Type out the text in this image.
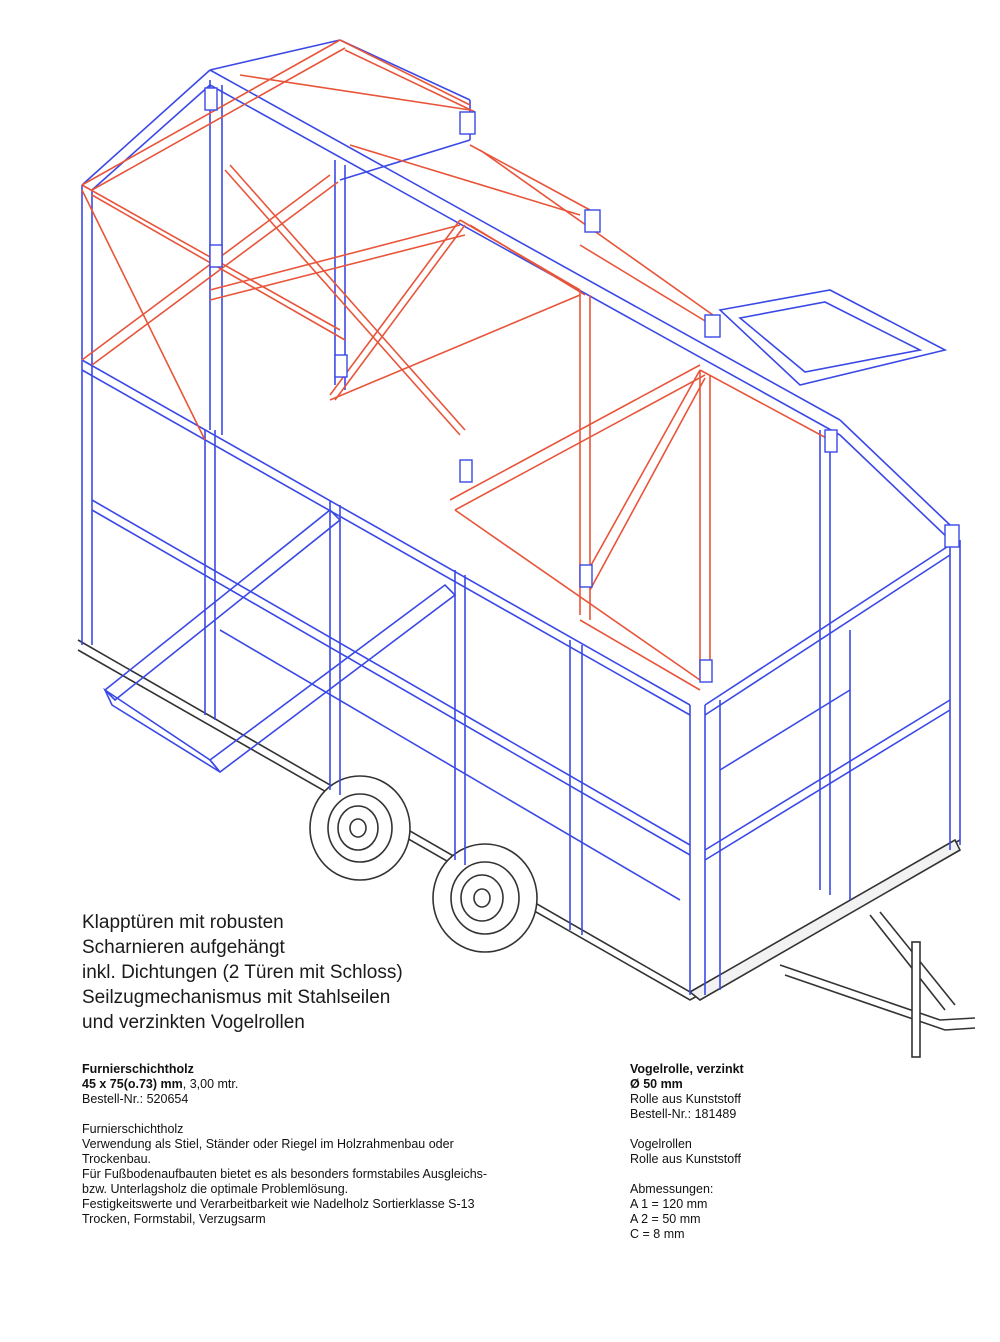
Klapptüren mit robusten
Scharnieren aufgehängt
inkl. Dichtungen (2 Türen mit Schloss)
Seilzugmechanismus mit Stahlseilen
und verzinkten Vogelrollen
Furnierschichtholz
45 x 75(o.73) mm, 3,00 mtr.
Bestell-Nr.: 520654
Furnierschichtholz
Verwendung als Stiel, Ständer oder Riegel im Holzrahmenbau oder
Trockenbau.
Für Fußbodenaufbauten bietet es als besonders formstabiles Ausgleichs-
bzw. Unterlagsholz die optimale Problemlösung.
Festigkeitswerte und Verarbeitbarkeit wie Nadelholz Sortierklasse S-13
Trocken, Formstabil, Verzugsarm
Vogelrolle, verzinkt
Ø 50 mm
Rolle aus Kunststoff
Bestell-Nr.: 181489
Vogelrollen
Rolle aus Kunststoff
Abmessungen:
A 1 = 120 mm
A 2 = 50 mm
C = 8 mm
